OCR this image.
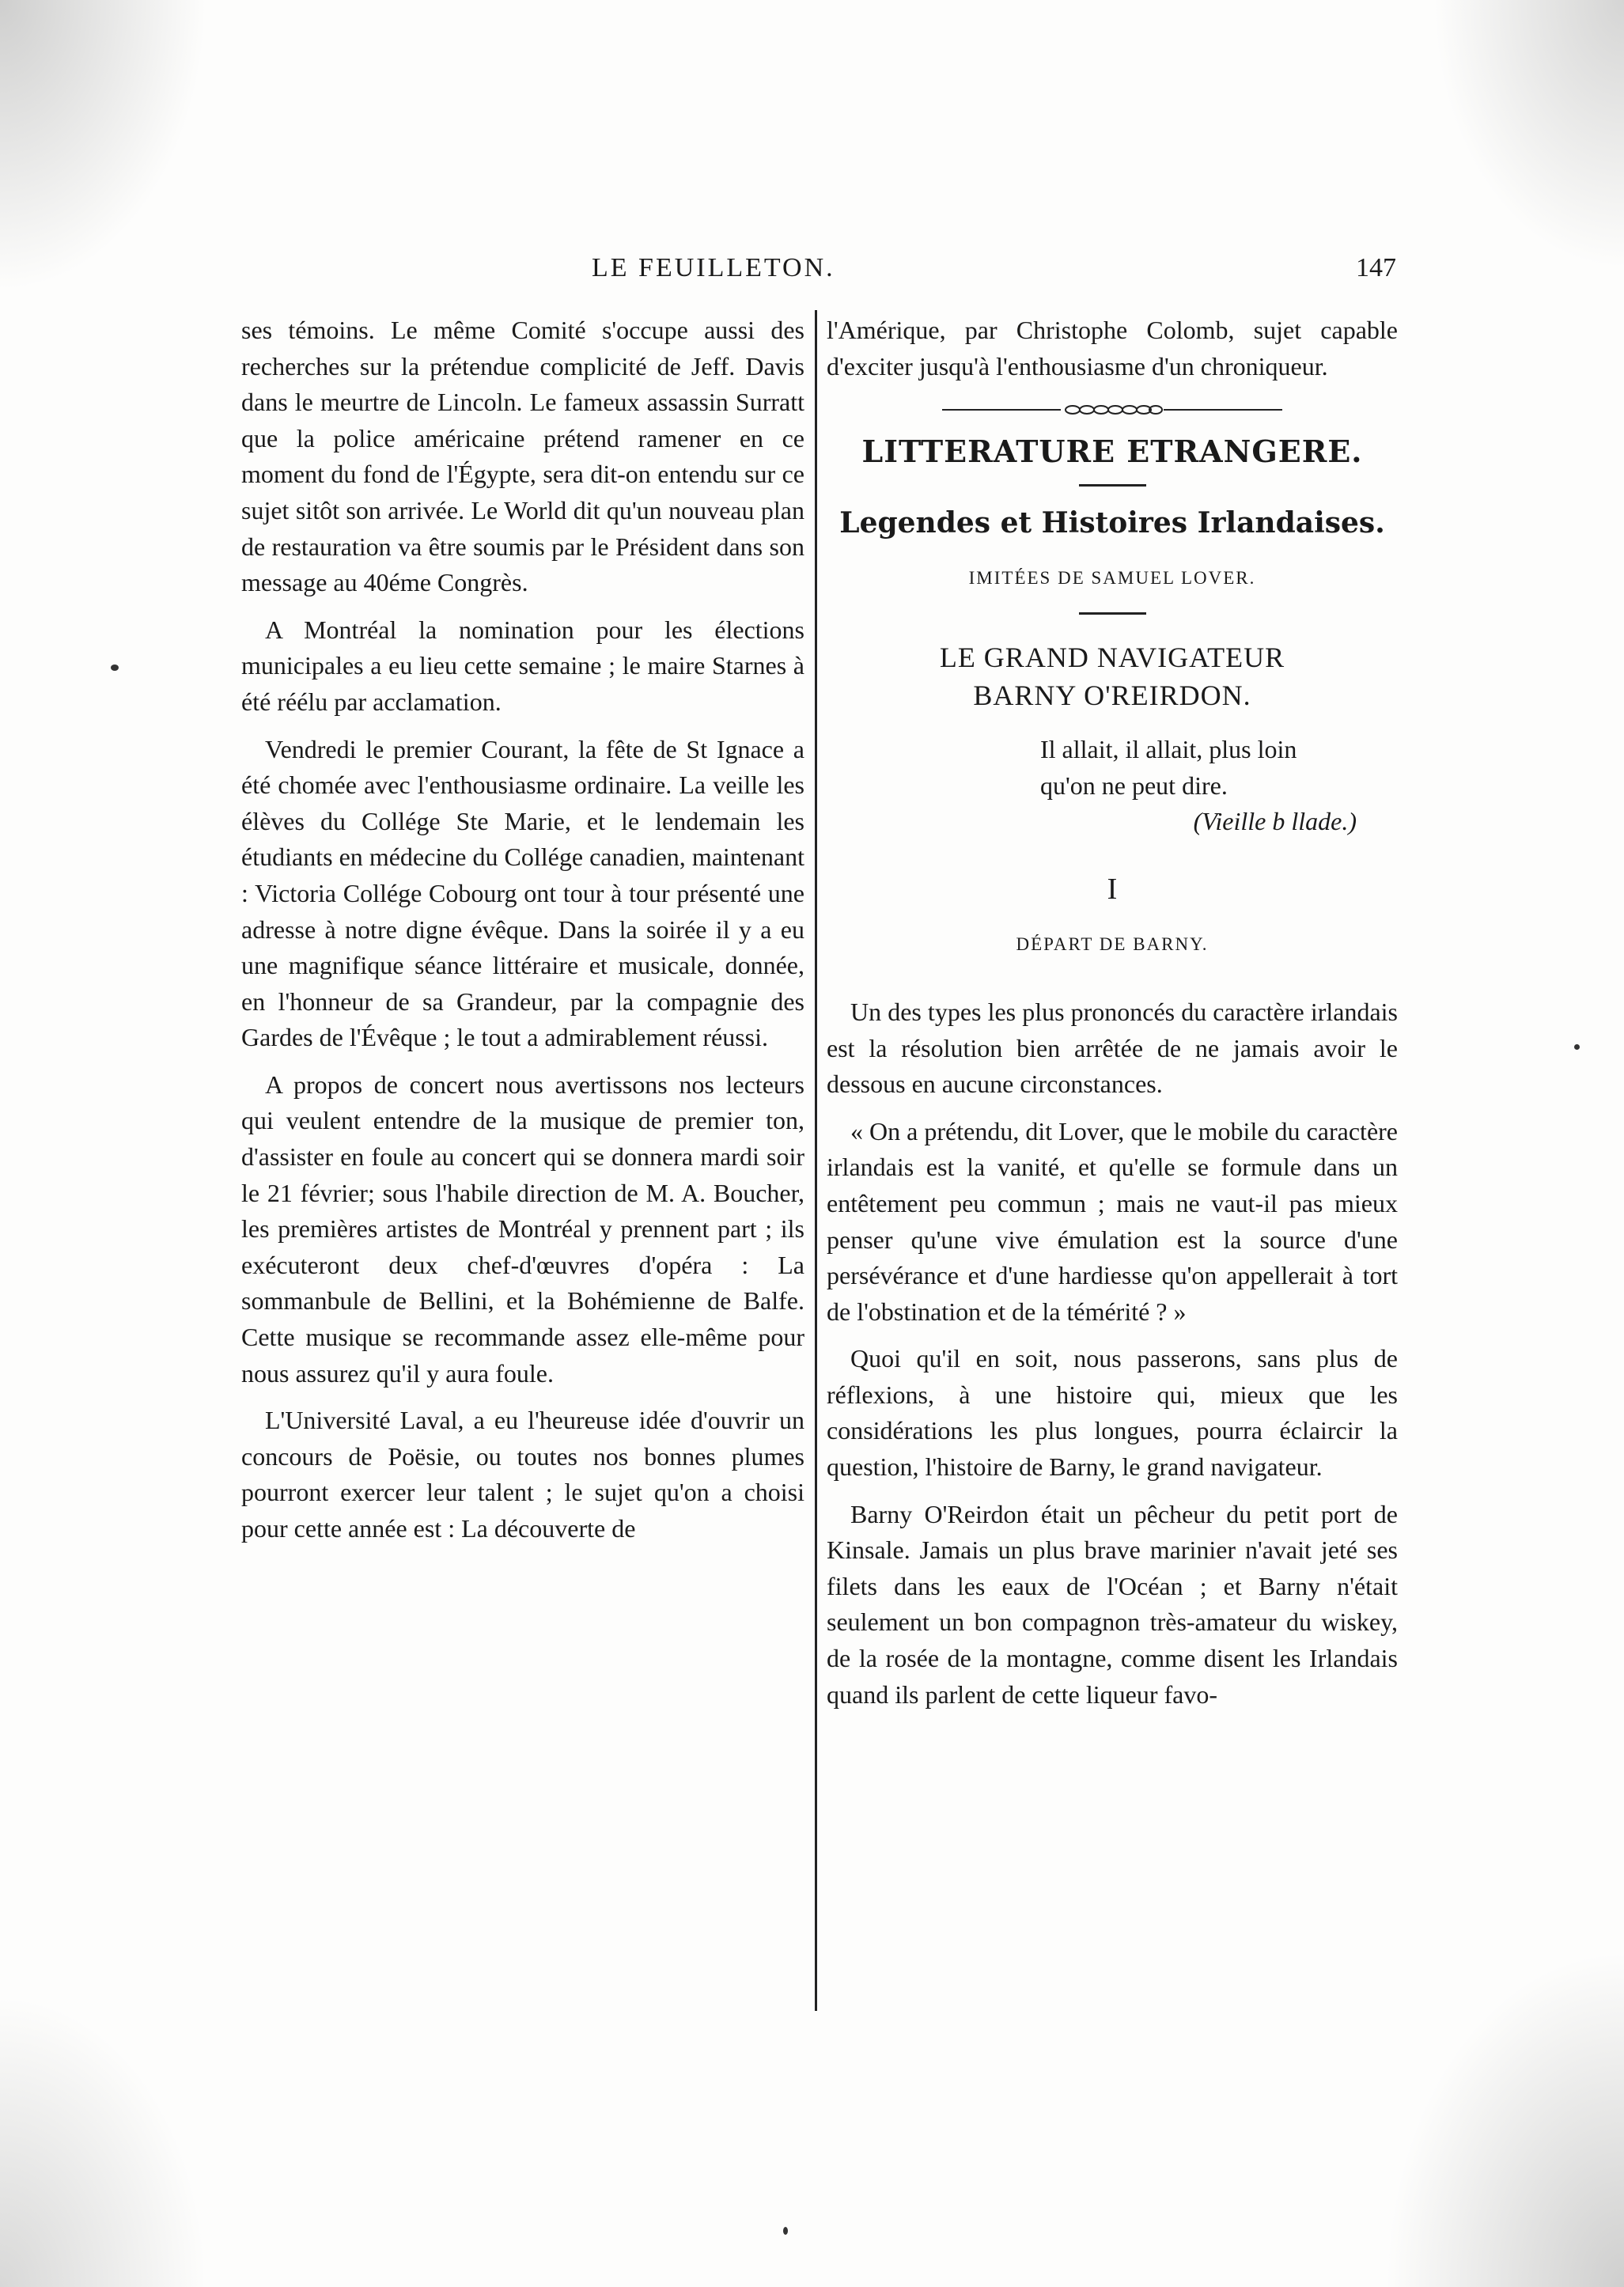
LE FEUILLETON.	147

ses témoins. Le même Comité s'occupe aussi des recherches sur la prétendue complicité de Jeff. Davis dans le meurtre de Lincoln. Le fameux assassin Surratt que la police américaine prétend ramener en ce moment du fond de l'Égypte, sera dit-on entendu sur ce sujet sitôt son arrivée. Le World dit qu'un nouveau plan de restauration va être soumis par le Président dans son message au 40éme Congrès.

A Montréal la nomination pour les élections municipales a eu lieu cette semaine ; le maire Starnes à été réélu par acclamation.

Vendredi le premier Courant, la fête de St Ignace a été chomée avec l'enthousiasme ordinaire. La veille les élèves du Collége Ste Marie, et le lendemain les étudiants en médecine du Collége canadien, maintenant : Victoria Collége Cobourg ont tour à tour présenté une adresse à notre digne évêque. Dans la soirée il y a eu une magnifique séance littéraire et musicale, donnée, en l'honneur de sa Grandeur, par la compagnie des Gardes de l'Évêque ; le tout a admirablement réussi.

A propos de concert nous avertissons nos lecteurs qui veulent entendre de la musique de premier ton, d'assister en foule au concert qui se donnera mardi soir le 21 février; sous l'habile direction de M. A. Boucher, les premières artistes de Montréal y prennent part ; ils exécuteront deux chef-d'œuvres d'opéra : La sommanbule de Bellini, et la Bohémienne de Balfe. Cette musique se recommande assez elle-même pour nous assurez qu'il y aura foule.

L'Université Laval, a eu l'heureuse idée d'ouvrir un concours de Poësie, ou toutes nos bonnes plumes pourront exercer leur talent ; le sujet qu'on a choisi pour cette année est : La découverte de

l'Amérique, par Christophe Colomb, sujet capable d'exciter jusqu'à l'enthousiasme d'un chroniqueur.

LITTERATURE ETRANGERE.
Legendes et Histoires Irlandaises.
IMITÉES DE SAMUEL LOVER.
LE GRAND NAVIGATEUR
BARNY O'REIRDON.
Il allait, il allait, plus loin qu'on ne peut dire.
(Vieille b llade.)
I
DÉPART DE BARNY.

Un des types les plus prononcés du caractère irlandais est la résolution bien arrêtée de ne jamais avoir le dessous en aucune circonstances.

« On a prétendu, dit Lover, que le mobile du caractère irlandais est la vanité, et qu'elle se formule dans un entêtement peu commun ; mais ne vaut-il pas mieux penser qu'une vive émulation est la source d'une persévérance et d'une hardiesse qu'on appellerait à tort de l'obstination et de la témérité ? »

Quoi qu'il en soit, nous passerons, sans plus de réflexions, à une histoire qui, mieux que les considérations les plus longues, pourra éclaircir la question, l'histoire de Barny, le grand navigateur.

Barny O'Reirdon était un pêcheur du petit port de Kinsale. Jamais un plus brave marinier n'avait jeté ses filets dans les eaux de l'Océan ; et Barny n'était seulement un bon compagnon très-amateur du wiskey, de la rosée de la montagne, comme disent les Irlandais quand ils parlent de cette liqueur favo-
